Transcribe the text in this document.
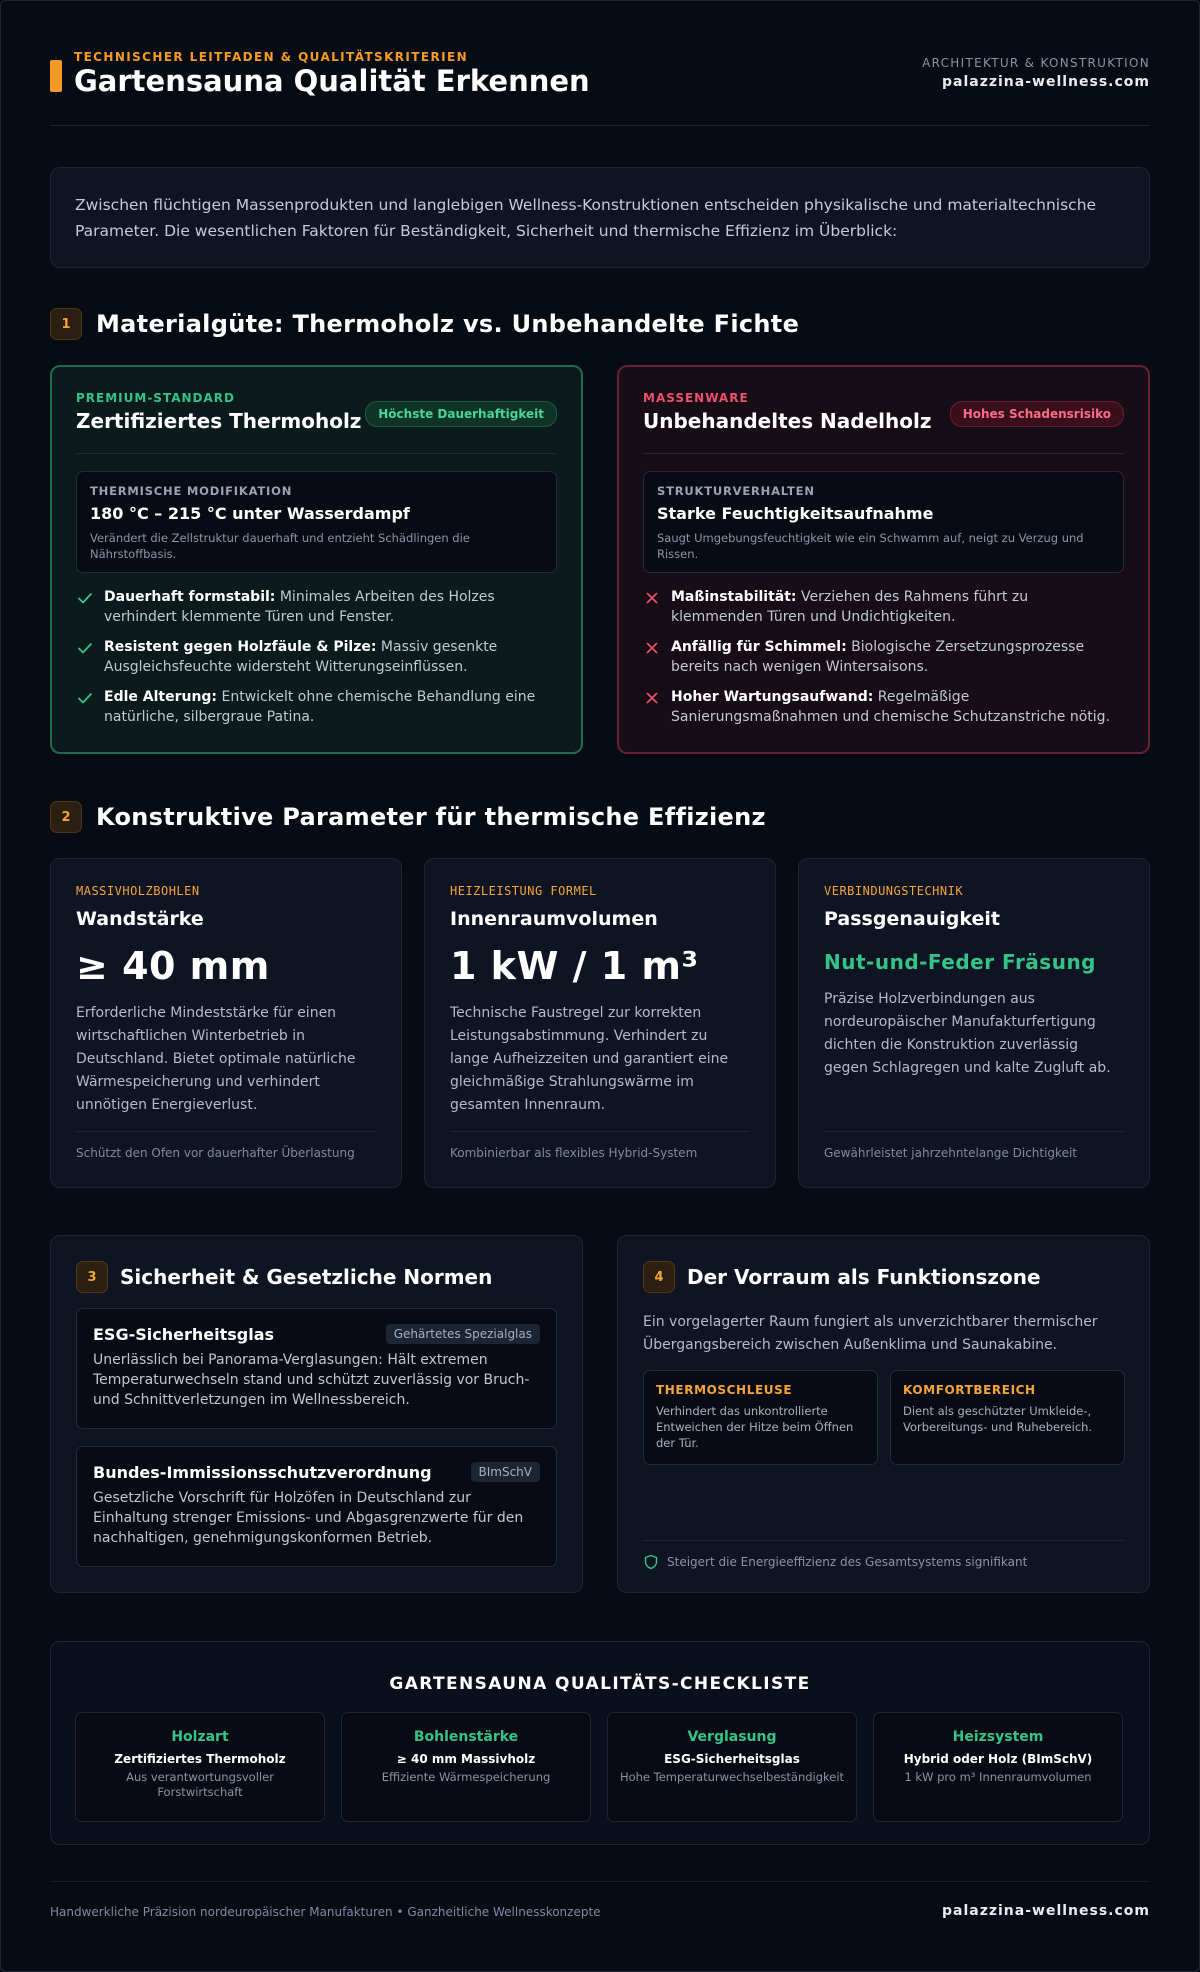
TECHNISCHER LEITFADEN & QUALITÄTSKRITERIEN
Gartensauna Qualität Erkennen
ARCHITEKTUR & KONSTRUKTION
palazzina-wellness.com
Zwischen flüchtigen Massenprodukten und langlebigen Wellness-Konstruktionen entscheiden physikalische und materialtechnische Parameter. Die wesentlichen Faktoren für Beständigkeit, Sicherheit und thermische Effizienz im Überblick:
1	Materialgüte: Thermoholz vs. Unbehandelte Fichte
PREMIUM-STANDARD
Zertifiziertes Thermoholz	Höchste Dauerhaftigkeit
THERMISCHE MODIFIKATION
180 °C – 215 °C unter Wasserdampf
Verändert die Zellstruktur dauerhaft und entzieht Schädlingen die Nährstoffbasis.
Dauerhaft formstabil: Minimales Arbeiten des Holzes verhindert klemmente Türen und Fenster.
Resistent gegen Holzfäule & Pilze: Massiv gesenkte Ausgleichsfeuchte widersteht Witterungseinflüssen.
Edle Alterung: Entwickelt ohne chemische Behandlung eine natürliche, silbergraue Patina.
MASSENWARE
Unbehandeltes Nadelholz	Hohes Schadensrisiko
STRUKTURVERHALTEN
Starke Feuchtigkeitsaufnahme
Saugt Umgebungsfeuchtigkeit wie ein Schwamm auf, neigt zu Verzug und Rissen.
Maßinstabilität: Verziehen des Rahmens führt zu klemmenden Türen und Undichtigkeiten.
Anfällig für Schimmel: Biologische Zersetzungsprozesse bereits nach wenigen Wintersaisons.
Hoher Wartungsaufwand: Regelmäßige Sanierungsmaßnahmen und chemische Schutzanstriche nötig.
2	Konstruktive Parameter für thermische Effizienz
MASSIVHOLZBOHLEN
Wandstärke
≥ 40 mm
Erforderliche Mindeststärke für einen wirtschaftlichen Winterbetrieb in Deutschland. Bietet optimale natürliche Wärmespeicherung und verhindert unnötigen Energieverlust.
Schützt den Ofen vor dauerhafter Überlastung
HEIZLEISTUNG FORMEL
Innenraumvolumen
1 kW / 1 m³
Technische Faustregel zur korrekten Leistungsabstimmung. Verhindert zu lange Aufheizzeiten und garantiert eine gleichmäßige Strahlungswärme im gesamten Innenraum.
Kombinierbar als flexibles Hybrid-System
VERBINDUNGSTECHNIK
Passgenauigkeit
Nut-und-Feder Fräsung
Präzise Holzverbindungen aus nordeuropäischer Manufakturfertigung dichten die Konstruktion zuverlässig gegen Schlagregen und kalte Zugluft ab.
Gewährleistet jahrzehntelange Dichtigkeit
3	Sicherheit & Gesetzliche Normen
ESG-Sicherheitsglas	Gehärtetes Spezialglas
Unerlässlich bei Panorama-Verglasungen: Hält extremen Temperaturwechseln stand und schützt zuverlässig vor Bruch- und Schnittverletzungen im Wellnessbereich.
Bundes-Immissionsschutzverordnung	BImSchV
Gesetzliche Vorschrift für Holzöfen in Deutschland zur Einhaltung strenger Emissions- und Abgasgrenzwerte für den nachhaltigen, genehmigungskonformen Betrieb.
4	Der Vorraum als Funktionszone
Ein vorgelagerter Raum fungiert als unverzichtbarer thermischer Übergangsbereich zwischen Außenklima und Saunakabine.
THERMOSCHLEUSE
Verhindert das unkontrollierte Entweichen der Hitze beim Öffnen der Tür.
KOMFORTBEREICH
Dient als geschützter Umkleide-, Vorbereitungs- und Ruhebereich.
Steigert die Energieeffizienz des Gesamtsystems signifikant
GARTENSAUNA QUALITÄTS-CHECKLISTE
Holzart
Zertifiziertes Thermoholz
Aus verantwortungsvoller Forstwirtschaft
Bohlenstärke
≥ 40 mm Massivholz
Effiziente Wärmespeicherung
Verglasung
ESG-Sicherheitsglas
Hohe Temperaturwechselbeständigkeit
Heizsystem
Hybrid oder Holz (BImSchV)
1 kW pro m³ Innenraumvolumen
Handwerkliche Präzision nordeuropäischer Manufakturen • Ganzheitliche Wellnesskonzepte	palazzina-wellness.com
